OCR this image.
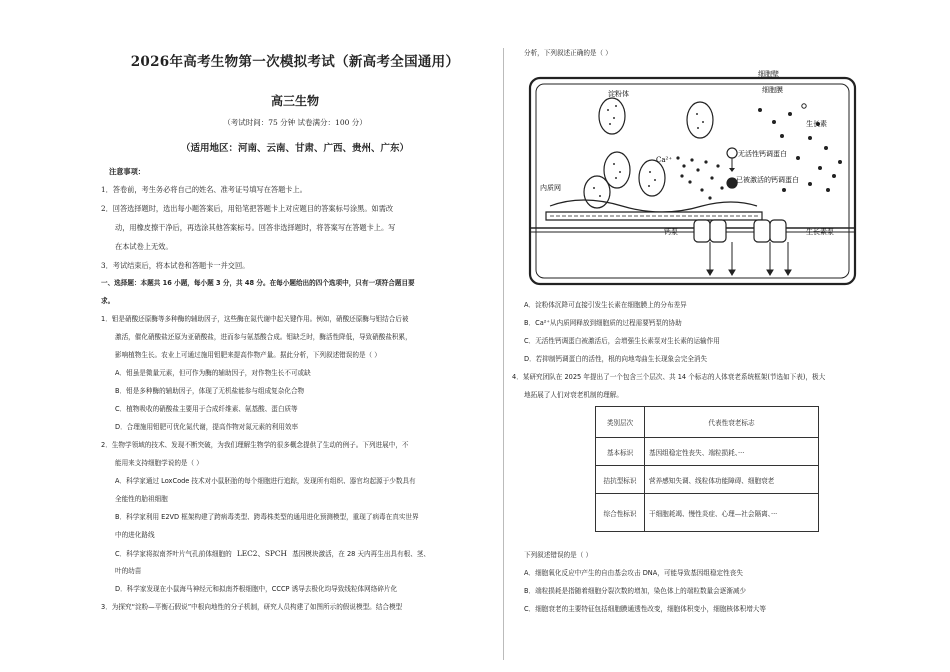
2026年高考生物第一次模拟考试（新高考全国通用）
高三生物
（考试时间：75 分钟 试卷满分：100 分）
（适用地区：河南、云南、甘肃、广西、贵州、广东）
注意事项：
1．答卷前，考生务必将自己的姓名、准考证号填写在答题卡上。
2．回答选择题时，选出每小题答案后，用铅笔把答题卡上对应题目的答案标号涂黑。如需改
动，用橡皮擦干净后，再选涂其他答案标号。回答非选择题时，将答案写在答题卡上。写
在本试卷上无效。
3．考试结束后，将本试卷和答题卡一并交回。
一、选择题：本题共 16 小题，每小题 3 分，共 48 分。在每小题给出的四个选项中，只有一项符合题目要
求。
1．钼是硝酸还原酶等多种酶的辅助因子，这些酶在氮代谢中起关键作用。例如，硝酸还原酶与钼结合后被
激活，催化硝酸盐还原为亚硝酸盐，进而参与氨基酸合成。钼缺乏时，酶活性降低，导致硝酸盐积累，
影响植物生长。农业上可通过施用钼肥来提高作物产量。据此分析，下列叙述错误的是（ ）
A．钼虽是微量元素，但可作为酶的辅助因子，对作物生长不可或缺
B．钼是多种酶的辅助因子，体现了无机盐能参与组成复杂化合物
C．植物吸收的硝酸盐主要用于合成纤维素、氨基酸、蛋白质等
D．合理施用钼肥可优化氮代谢，提高作物对氮元素的利用效率
2．生物学领域的技术、发现不断突破，为我们理解生物学的很多概念提供了生动的例子。下列进展中，不
能用来支持细胞学说的是（ ）
A．科学家通过 LoxCode 技术对小鼠胚胎的每个细胞进行追踪，发现所有组织、器官均起源于少数具有
全能性的胎祖细胞
B．科学家利用 E2VD 框架构建了跨病毒类型、跨毒株类型的通用进化预测模型，重现了病毒在真实世界
中的进化路线
C．科学家将拟南芥叶片气孔前体细胞的 LEC2、SPCH 基因模块激活，在 28 天内再生出具有根、茎、
叶的幼苗
D．科学家发现在小鼠海马神经元和拟南芥根细胞中，CCCP 诱导去极化均导致线粒体网络碎片化
3．为探究“淀粉—平衡石假说”中根向地性的分子机制，研究人员构建了如图所示的假说模型。结合模型
分析，下列叙述正确的是（ ）
细胞壁
细胞膜
淀粉体
内质网
Ca²⁺
无活性钙调蛋白
已被激活的钙调蛋白
生长素
钙泵	生长素泵
A．淀粉体沉降可直接引发生长素在细胞膜上的分布差异
B．Ca²⁺从内质网释放到细胞质的过程需要钙泵的协助
C．无活性钙调蛋白被激活后，会增强生长素泵对生长素的运输作用
D．若抑制钙调蛋白的活性，根的向地弯曲生长现象会完全消失
4．某研究团队在 2025 年提出了一个包含三个层次、共 14 个标志的人体衰老系统框架(节选如下表)，极大
地拓展了人们对衰老机制的理解。
类别层次	代表性衰老标志
基本标识	基因组稳定性丧失、端粒损耗、···
拮抗型标识	营养感知失调、线粒体功能障碍、细胞衰老
综合性标识	干细胞耗竭、慢性炎症、心理—社会隔离、···
下列叙述错误的是（ ）
A．细胞氧化反应中产生的自由基会攻击 DNA，可能导致基因组稳定性丧失
B．端粒损耗是指随着细胞分裂次数的增加，染色体上的端粒数量会逐渐减少
C．细胞衰老的主要特征包括细胞膜通透性改变，细胞体积变小，细胞核体积增大等
